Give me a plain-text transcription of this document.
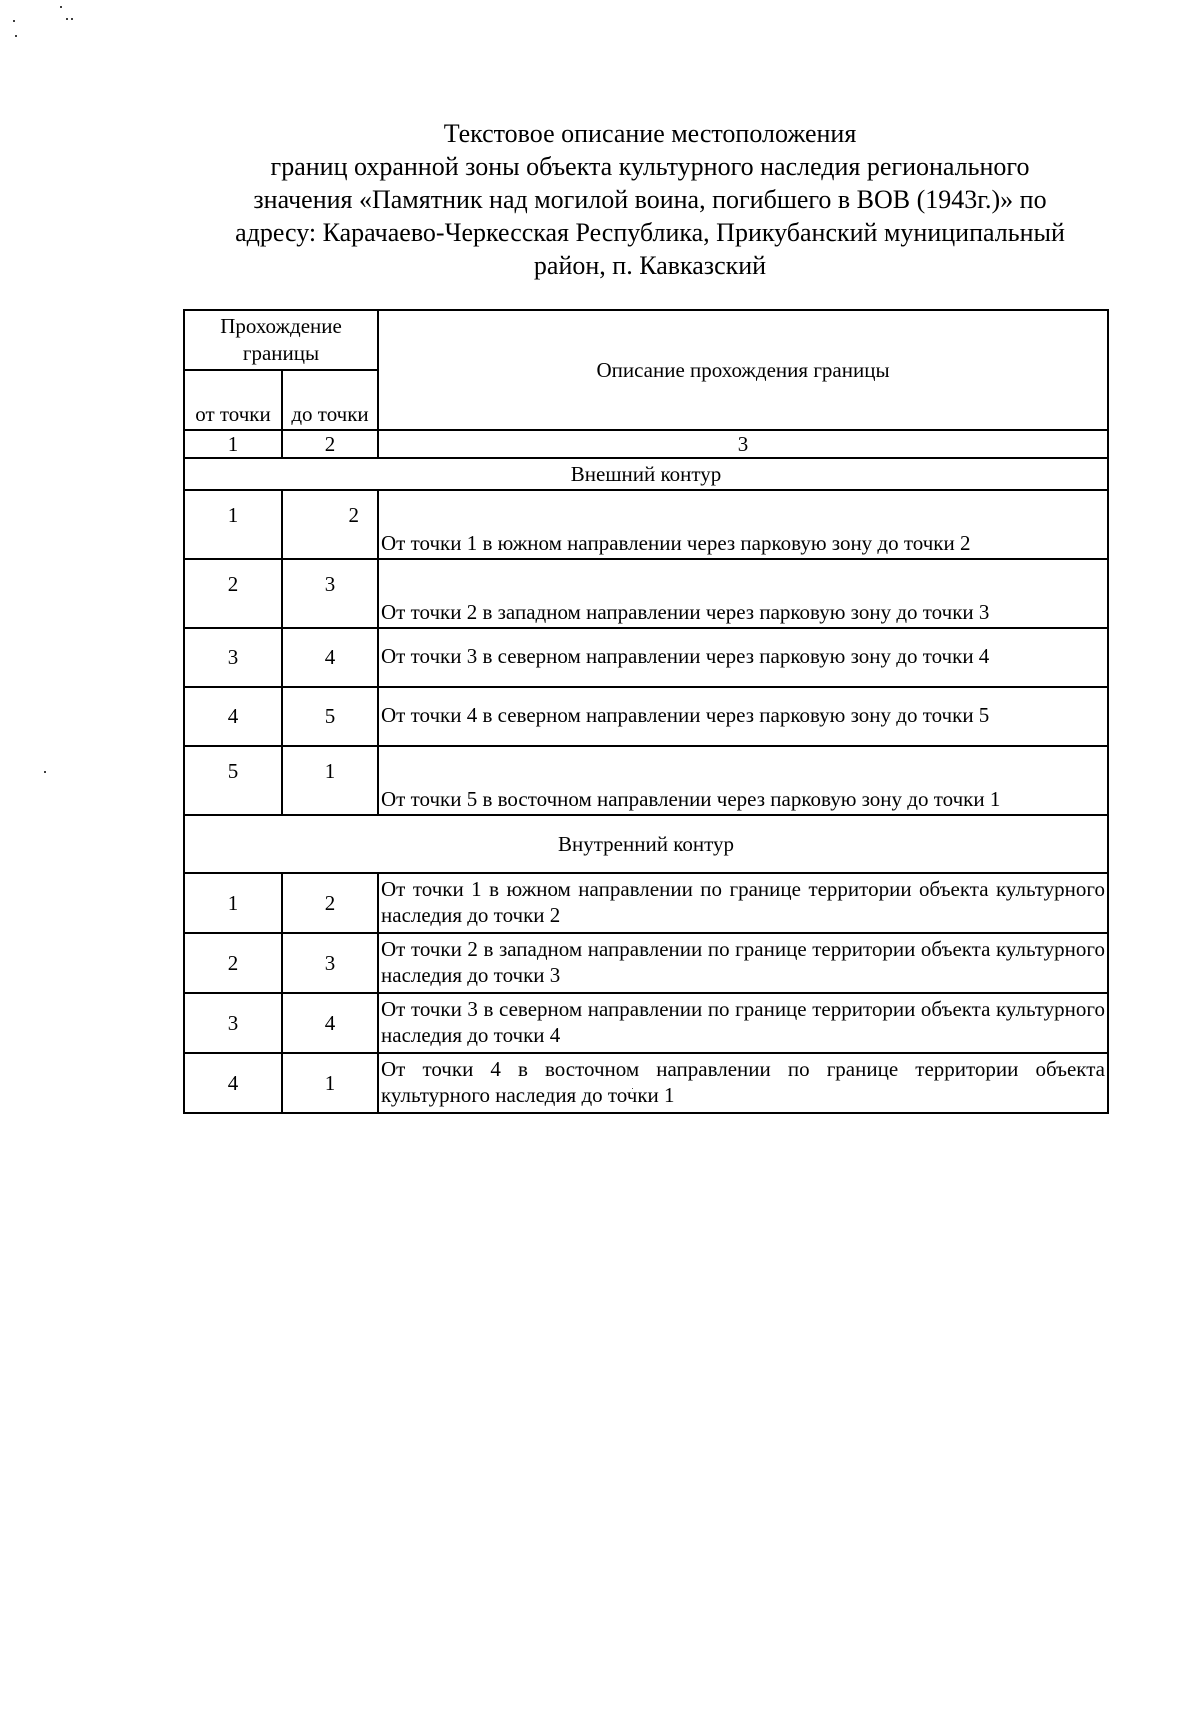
Текстовое описание местоположения
границ охранной зоны объекта культурного наследия регионального
значения «Памятник над могилой воина, погибшего в ВОВ (1943г.)» по
адресу: Карачаево-Черкесская Республика, Прикубанский муниципальный
район, п. Кавказский
Прохождение границы		Описание прохождения границы
от точки	до точки	
1	2	3
Внешний контур		
1	2	От точки 1 в южном направлении через парковую зону до точки 2
2	3	От точки 2 в западном направлении через парковую зону до точки 3
3	4	От точки 3 в северном направлении через парковую зону до точки 4
4	5	От точки 4 в северном направлении через парковую зону до точки 5
5	1	От точки 5 в восточном направлении через парковую зону до точки 1
Внутренний контур		
1	2	От точки 1 в южном направлении по границе территории объекта культурного наследия до точки 2
2	3	От точки 2 в западном направлении по границе территории объекта культурного наследия до точки 3
3	4	От точки 3 в северном направлении по границе территории объекта культурного наследия до точки 4
4	1	От точки 4 в восточном направлении по границе территории объекта культурного наследия до точки 1
